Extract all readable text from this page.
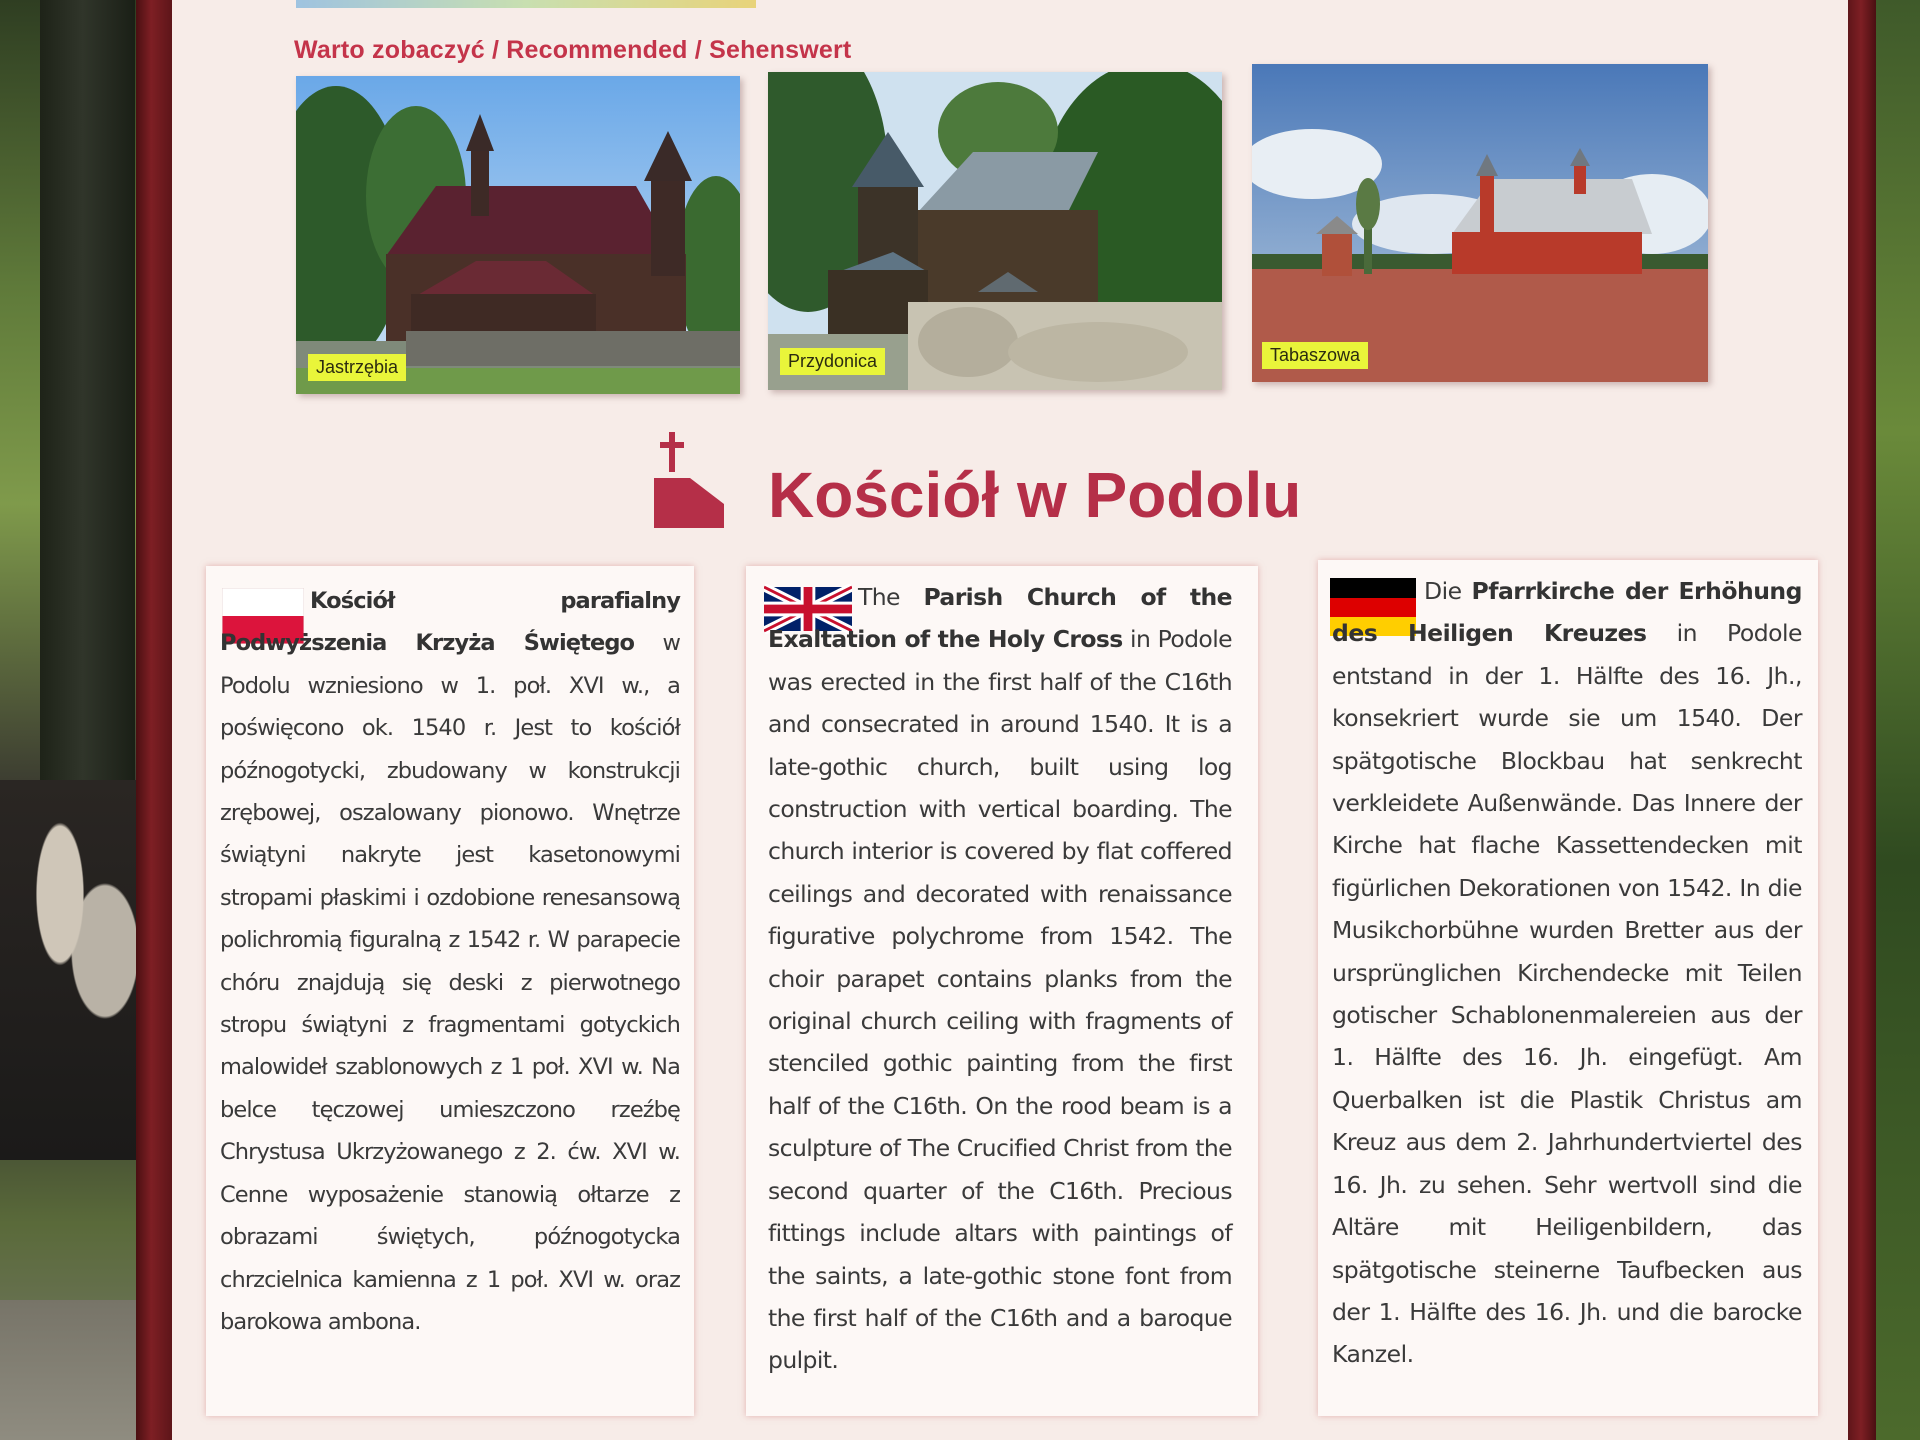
Warto zobaczyć / Recommended / Sehenswert
Jastrzębia	Przydonica	Tabaszowa
Kościół w Podolu
Kościół parafialny Podwyższenia Krzyża Świętego w Podolu wzniesiono w 1. poł. XVI w., a poświęcono ok. 1540 r. Jest to kościół późnogotycki, zbudowany w konstrukcji zrębowej, oszalowany pionowo. Wnętrze świątyni nakryte jest kasetonowymi stropami płaskimi i ozdobione renesansową polichromią figuralną z 1542 r. W parapecie chóru znajdują się deski z pierwotnego stropu świątyni z fragmentami gotyckich malowideł szablonowych z 1 poł. XVI w. Na belce tęczowej umieszczono rzeźbę Chrystusa Ukrzyżowanego z 2. ćw. XVI w. Cenne wyposażenie stanowią ołtarze z obrazami świętych, późnogotycka chrzcielnica kamienna z 1 poł. XVI w. oraz barokowa ambona.
The Parish Church of the Exaltation of the Holy Cross in Podole was erected in the first half of the C16th and consecrated in around 1540. It is a late-gothic church, built using log construction with vertical boarding. The church interior is covered by flat coffered ceilings and decorated with renaissance figurative polychrome from 1542. The choir parapet contains planks from the original church ceiling with fragments of stenciled gothic painting from the first half of the C16th. On the rood beam is a sculpture of The Crucified Christ from the second quarter of the C16th. Precious fittings include altars with paintings of the saints, a late-gothic stone font from the first half of the C16th and a baroque pulpit.
Die Pfarrkirche der Erhöhung des Heiligen Kreuzes in Podole entstand in der 1. Hälfte des 16. Jh., konsekriert wurde sie um 1540. Der spätgotische Blockbau hat senkrecht verkleidete Außenwände. Das Innere der Kirche hat flache Kassettendecken mit figürlichen Dekorationen von 1542. In die Musikchorbühne wurden Bretter aus der ursprünglichen Kirchendecke mit Teilen gotischer Schablonenmalereien aus der 1. Hälfte des 16. Jh. eingefügt. Am Querbalken ist die Plastik Christus am Kreuz aus dem 2. Jahrhundertviertel des 16. Jh. zu sehen. Sehr wertvoll sind die Altäre mit Heiligenbildern, das spätgotische steinerne Taufbecken aus der 1. Hälfte des 16. Jh. und die barocke Kanzel.
